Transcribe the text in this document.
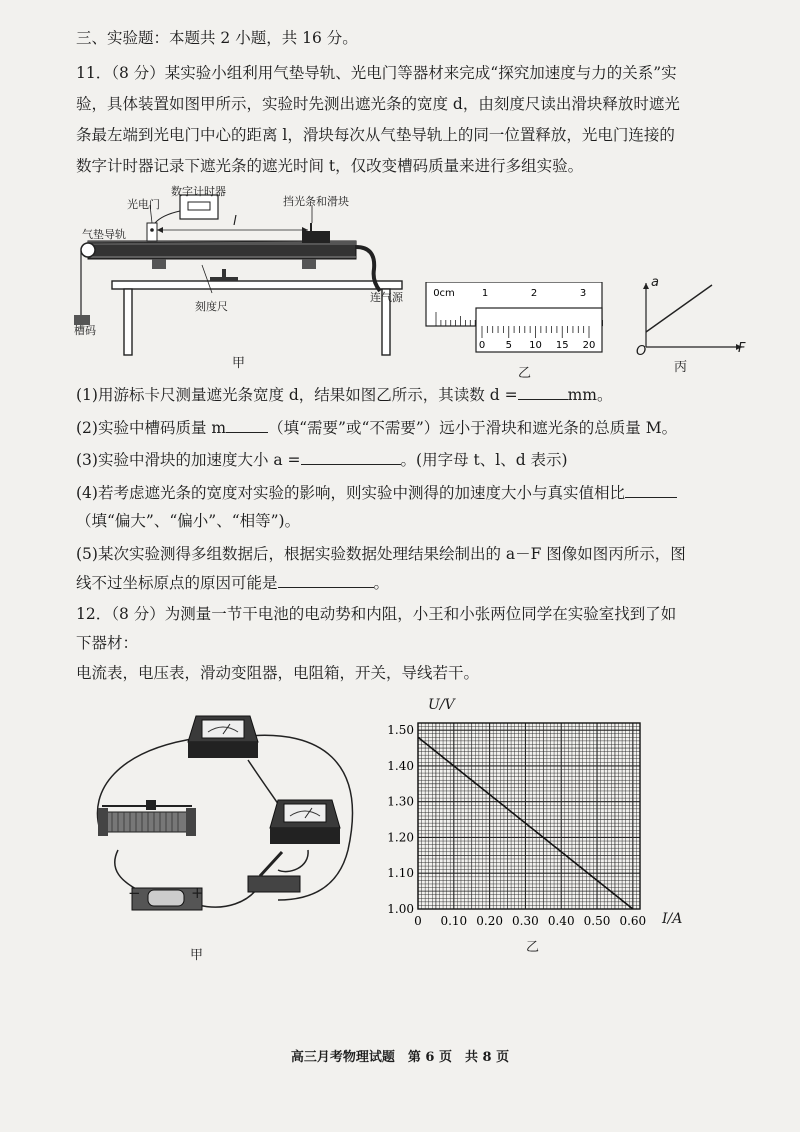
三、实验题：本题共 2 小题，共 16 分。
11．（8 分）某实验小组利用气垫导轨、光电门等器材来完成“探究加速度与力的关系”实
验，具体装置如图甲所示，实验时先测出遮光条的宽度 d，由刻度尺读出滑块释放时遮光
条最左端到光电门中心的距离 l，滑块每次从气垫导轨上的同一位置释放，光电门连接的
数字计时器记录下遮光条的遮光时间 t，仅改变槽码质量来进行多组实验。
数字计时器
光电门	挡光条和滑块
气垫导轨
l
连气源
刻度尺
槽码
甲
0cm	1	2	3
0 5 10 15 20
乙
a
F
O
丙
(1)用游标卡尺测量遮光条宽度 d，结果如图乙所示，其读数 d =	mm。
(2)实验中槽码质量 m	（填“需要”或“不需要”）远小于滑块和遮光条的总质量 M。
(3)实验中滑块的加速度大小 a =	。(用字母 t、l、d 表示)
(4)若考虑遮光条的宽度对实验的影响，则实验中测得的加速度大小与真实值相比
（填“偏大”、“偏小”、“相等”)。
(5)某次实验测得多组数据后，根据实验数据处理结果绘制出的 a－F 图像如图丙所示，图
线不过坐标原点的原因可能是	。
12．（8 分）为测量一节干电池的电动势和内阻，小王和小张两位同学在实验室找到了如
下器材：
电流表，电压表，滑动变阻器，电阻箱，开关，导线若干。
−	+
甲
0 0.10 0.20 0.30 0.40 0.50 0.60
1.00
1.10
1.20
1.30
1.40
1.50
U/V
I/A
乙
高三月考物理试题　第 6 页　共 8 页
